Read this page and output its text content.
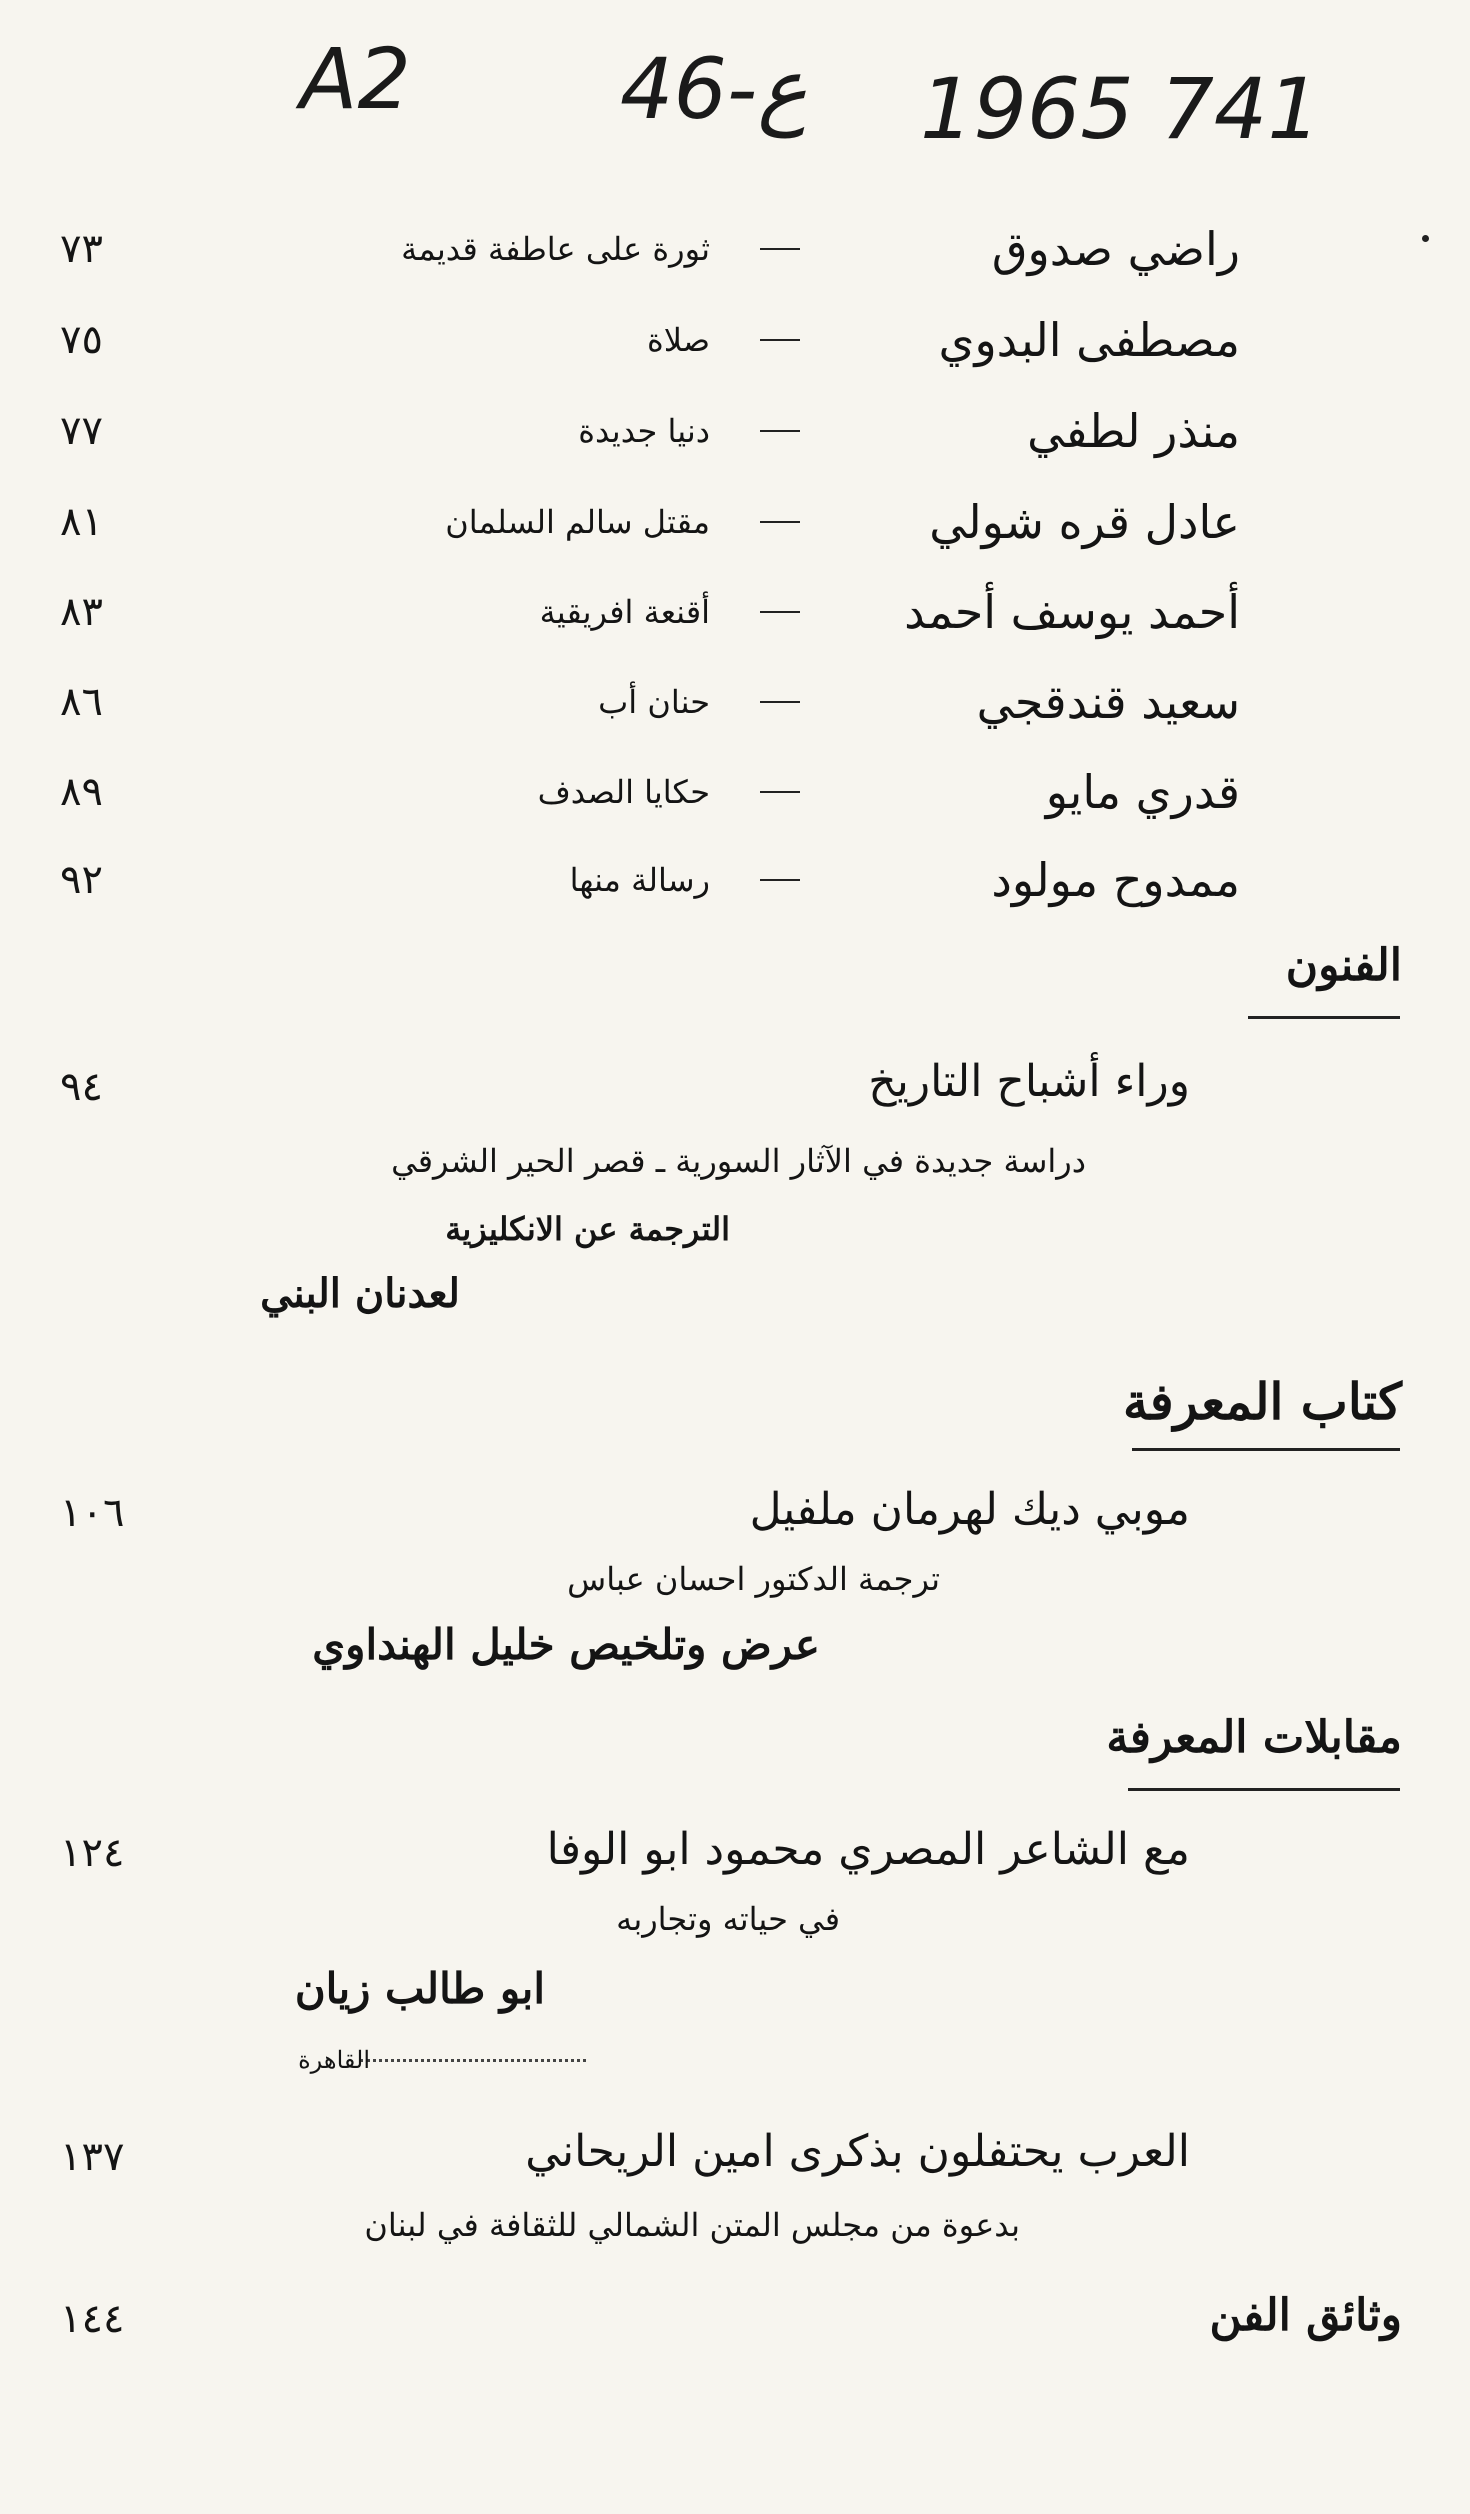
A2 46-ع 1965 741
راضي صدوق
ثورة على عاطفة قديمة
٧٣
مصطفى البدوي
صلاة
٧٥
منذر لطفي
دنيا جديدة
٧٧
عادل قره شولي
مقتل سالم السلمان
٨١
أحمد يوسف أحمد
أقنعة افريقية
٨٣
سعيد قندقجي
حنان أب
٨٦
قدري مايو
حكايا الصدف
٨٩
ممدوح مولود
رسالة منها
٩٢
الفنون
وراء أشباح التاريخ
٩٤
دراسة جديدة في الآثار السورية ـ قصر الحير الشرقي
الترجمة عن الانكليزية
لعدنان البني
كتاب المعرفة
موبي ديك لهرمان ملفيل
١٠٦
ترجمة الدكتور احسان عباس
عرض وتلخيص خليل الهنداوي
مقابلات المعرفة
مع الشاعر المصري محمود ابو الوفا
١٢٤
في حياته وتجاربه
ابو طالب زيان
القاهرة
العرب يحتفلون بذكرى امين الريحاني
١٣٧
بدعوة من مجلس المتن الشمالي للثقافة في لبنان
وثائق الفن
١٤٤
